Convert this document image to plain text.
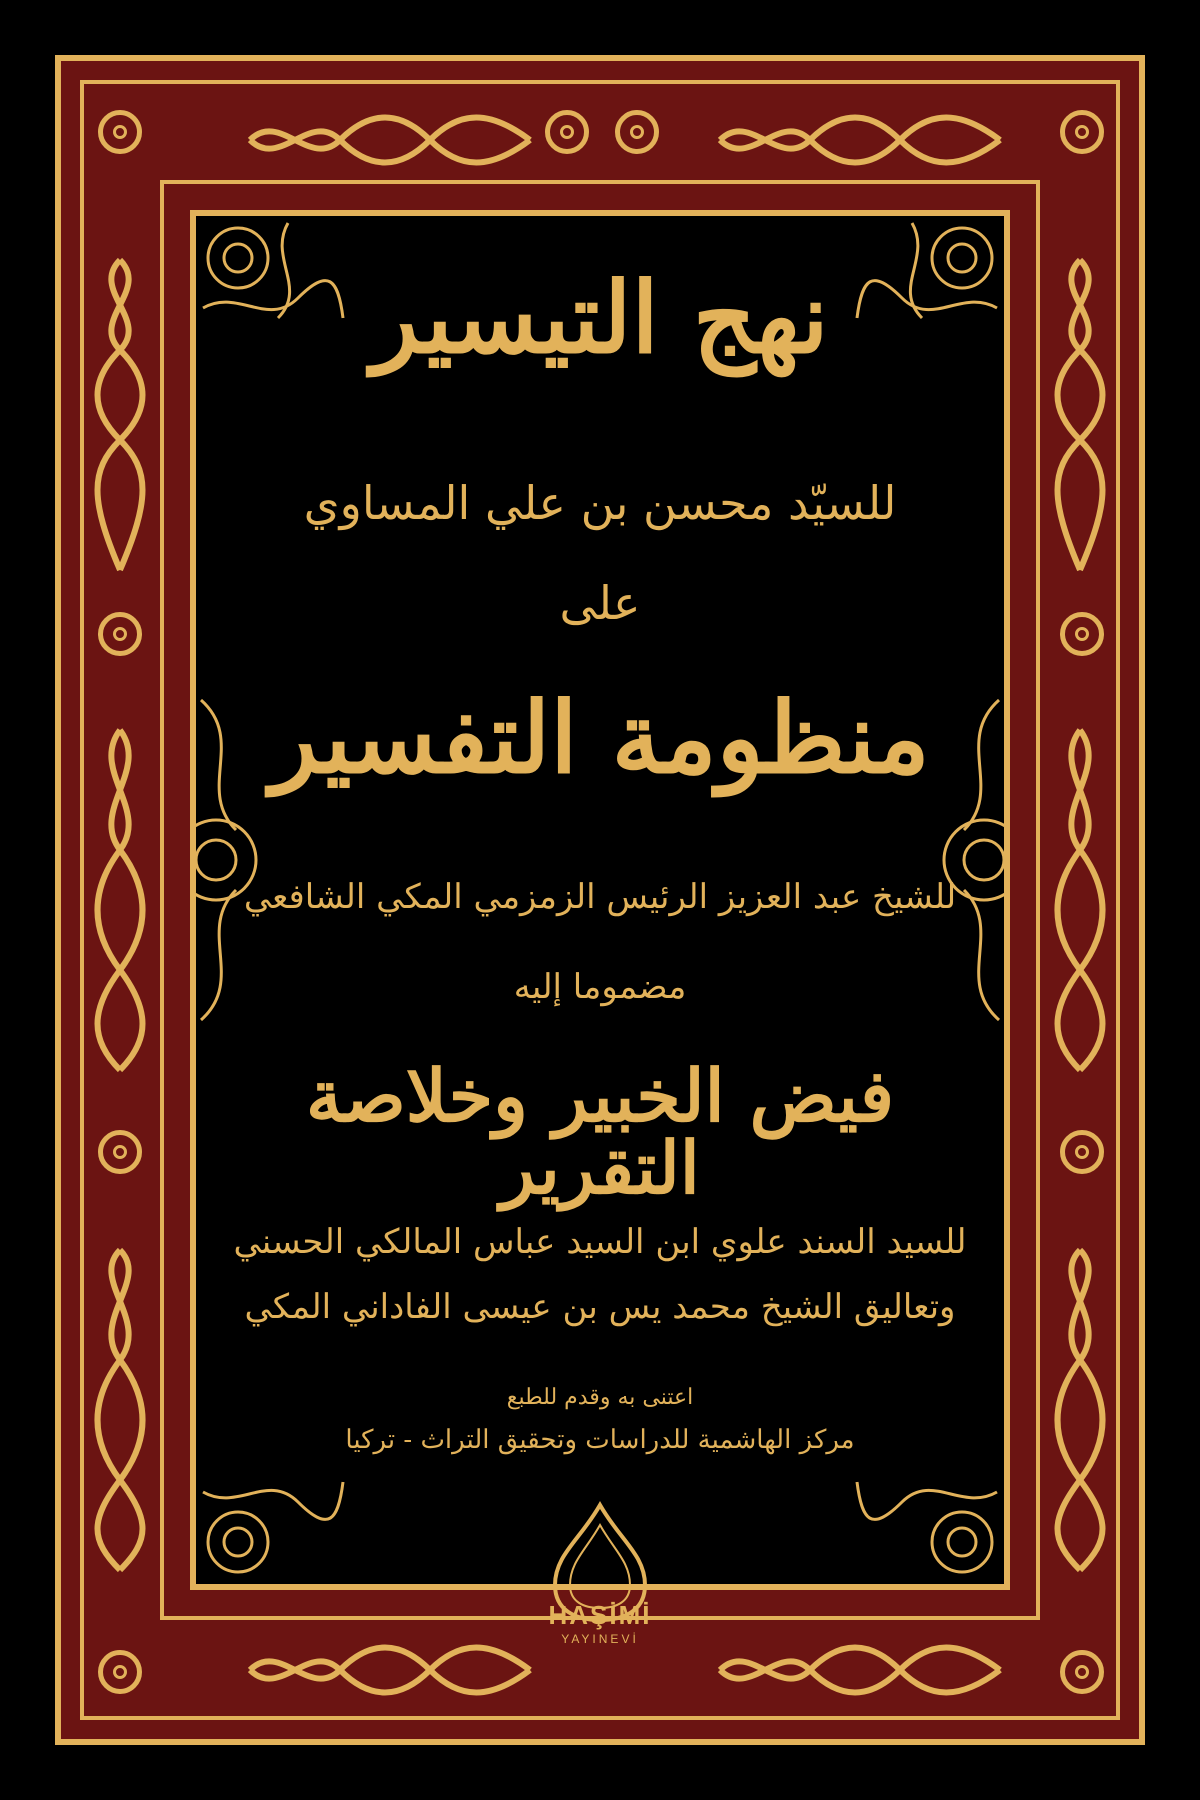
نهج التيسير
للسيّد محسن بن علي المساوي
على
منظومة التفسير
للشيخ عبد العزيز الرئيس الزمزمي المكي الشافعي
مضموما إليه
فيض الخبير وخلاصة التقرير
للسيد السند علوي ابن السيد عباس المالكي الحسني
وتعاليق الشيخ محمد يس بن عيسى الفاداني المكي
اعتنى به وقدم للطبع
مركز الهاشمية للدراسات وتحقيق التراث - تركيا
HAŞİMİ
YAYINEVİ
